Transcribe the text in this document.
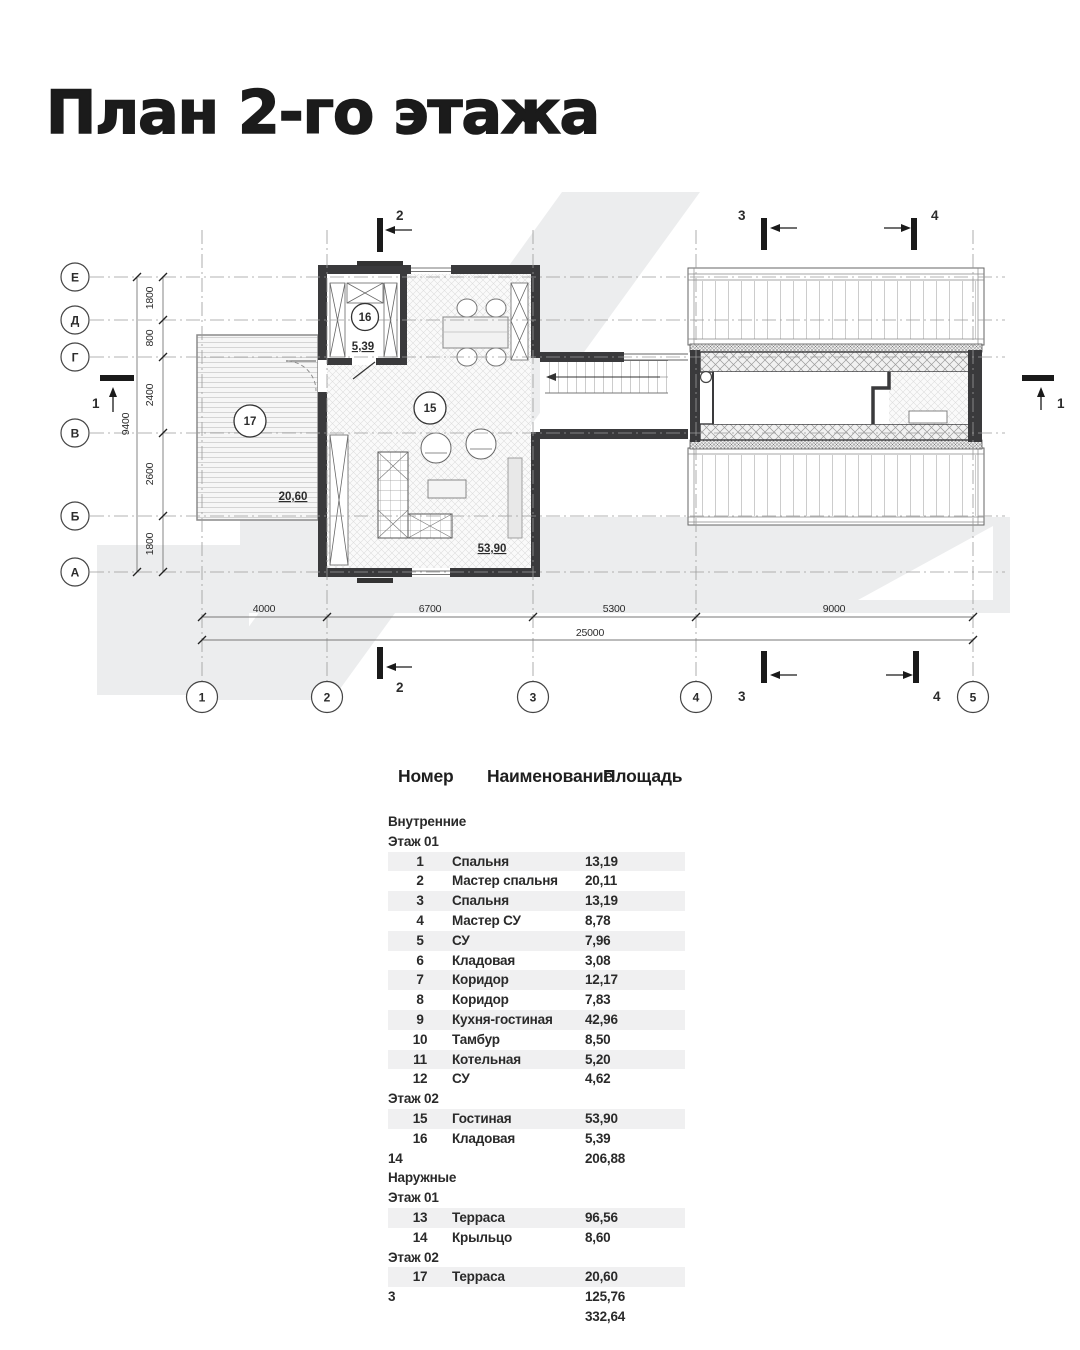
План 2-го этажа
2
2
3	4
3	4
1	1
Е
Д
Г
В
Б
А
1	2	3	4	5
1800
800
2400
2600
1800
9400
4000	6700	5300	9000
25000
16
5,39
15
53,90
17
20,60
Номер Наименование
Площадь
Внутренние
Этаж 01
1	Спальня	13,19
2	Мастер спальня 20,11
3	Спальня	13,19
4	Мастер СУ	8,78
5	СУ	7,96
6	Кладовая	3,08
7	Коридор	12,17
8	Коридор	7,83
9	Кухня-гостиная 42,96
10	Тамбур	8,50
11	Котельная	5,20
12	СУ	4,62
Этаж 02
15	Гостиная	53,90
16	Кладовая	5,39
14	206,88
Наружные
Этаж 01
13	Терраса	96,56
14	Крыльцо	8,60
Этаж 02
17	Терраса	20,60
3	125,76
332,64
